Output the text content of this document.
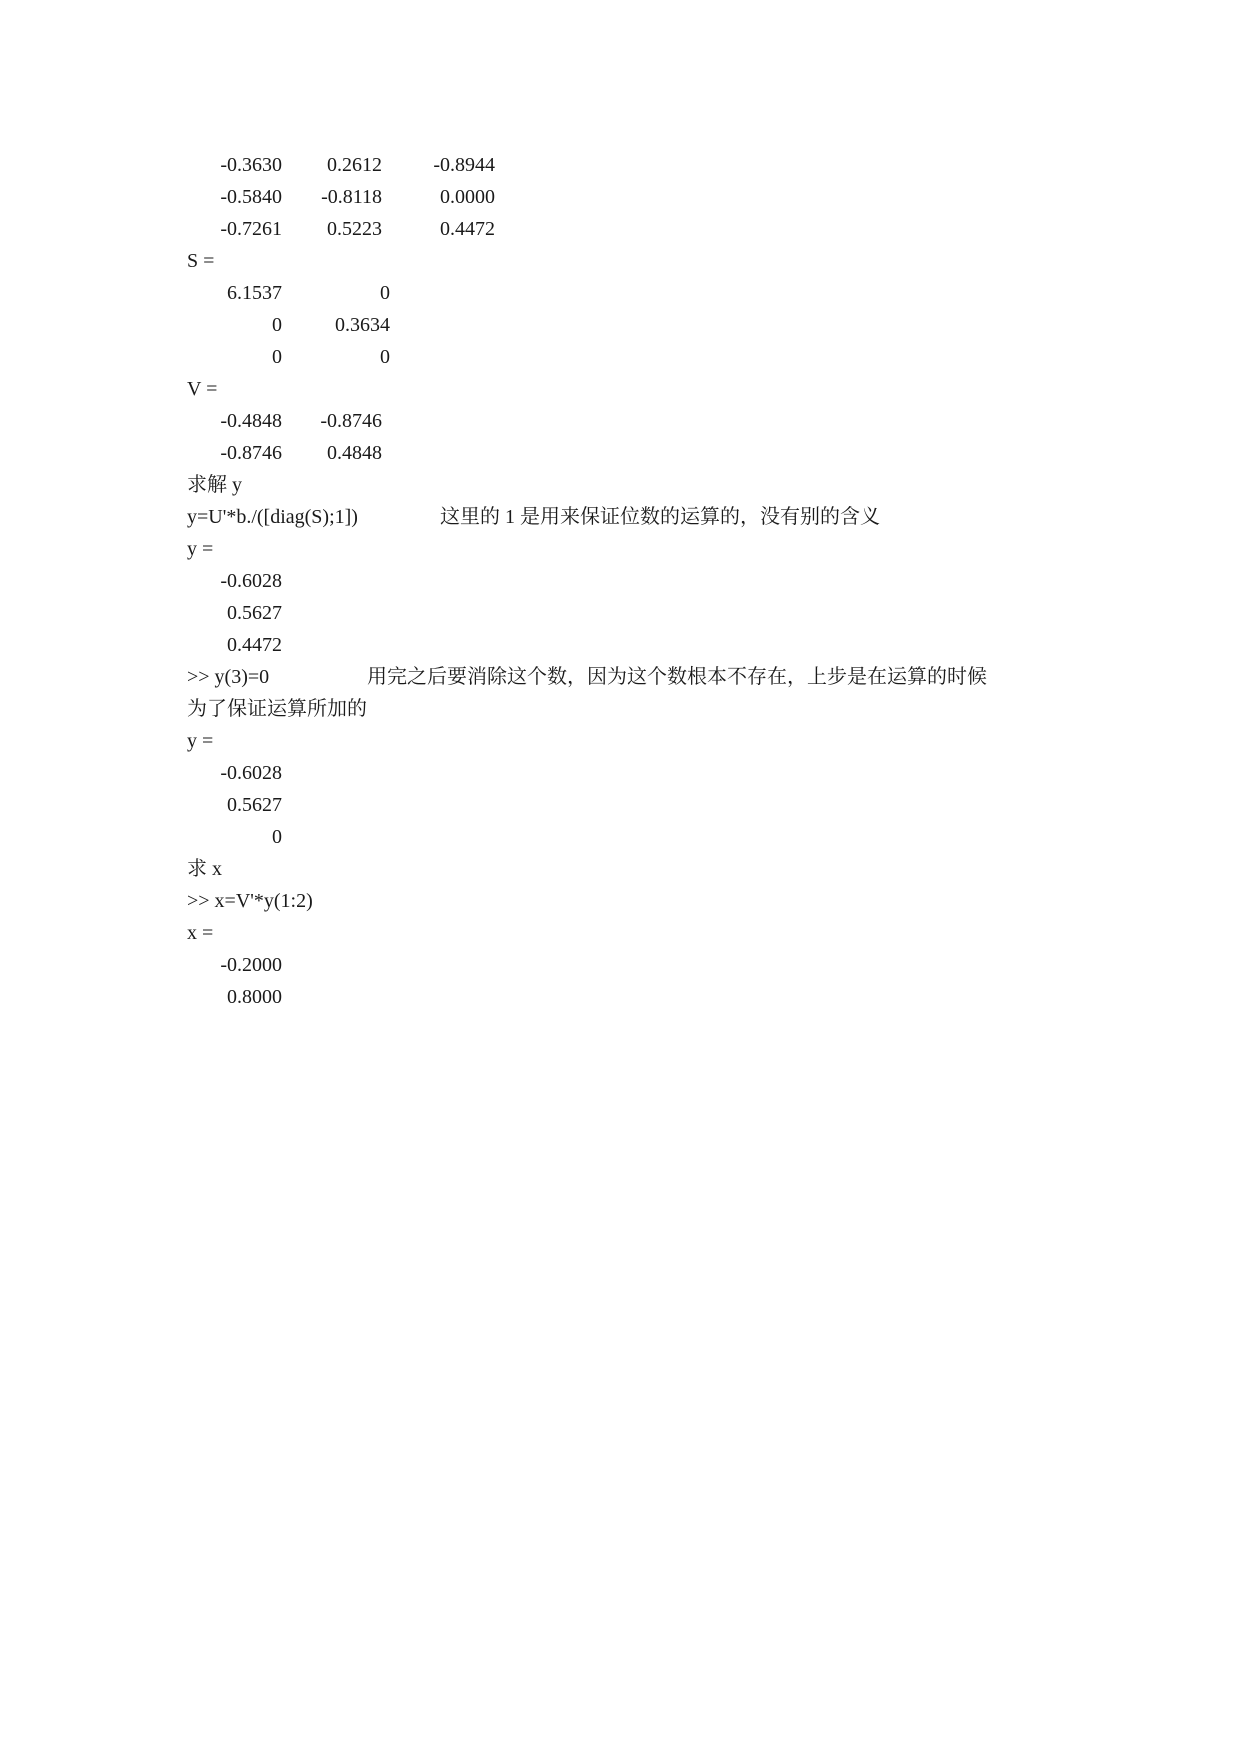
-0.3630	0.2612	-0.8944
-0.5840	-0.8118	0.0000
-0.7261	0.5223	0.4472
S =
6.1537	0
0	0.3634
0	0
V =
-0.4848	-0.8746
-0.8746	0.4848
求解 y
y=U'*b./([diag(S);1])	这里的 1 是用来保证位数的运算的，没有别的含义
y =
-0.6028
0.5627
0.4472
>> y(3)=0	用完之后要消除这个数，因为这个数根本不存在，上步是在运算的时候
为了保证运算所加的
y =
-0.6028
0.5627
0
求 x
>> x=V'*y(1:2)
x =
-0.2000
0.8000
